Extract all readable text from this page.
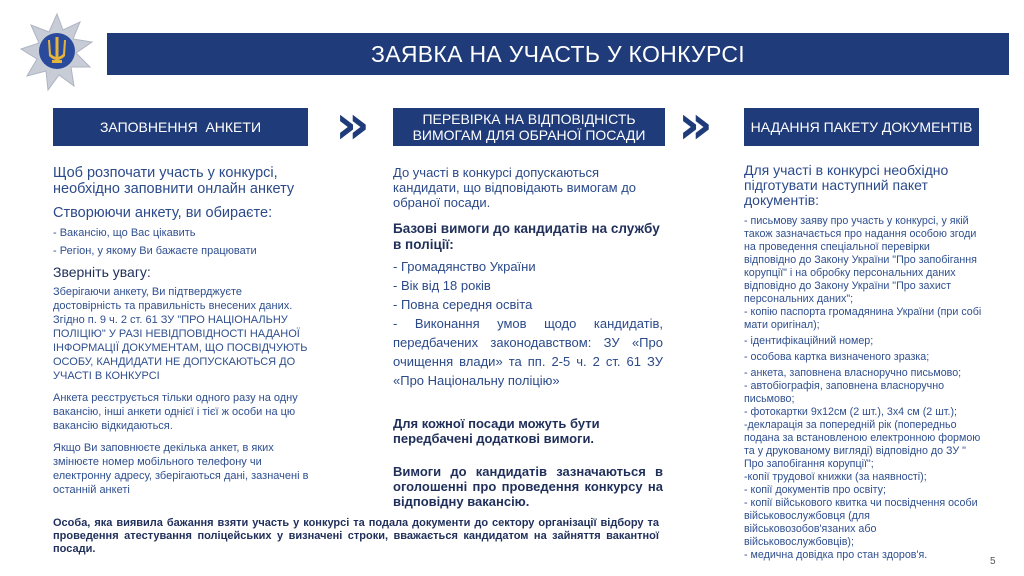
ЗАЯВКА НА УЧАСТЬ У КОНКУРСІ
ЗАПОВНЕННЯ  АНКЕТИ »	ПЕРЕВІРКА НА ВІДПОВІДНІСТЬ ВИМОГАМ ДЛЯ ОБРАНОЇ ПОСАДИ »	НАДАННЯ ПАКЕТУ ДОКУМЕНТІВ
Щоб розпочати участь у конкурсі, необхідно заповнити онлайн анкету
Створюючи анкету, ви обираєте:
- Вакансію, що Вас цікавить
- Регіон, у якому Ви бажаєте працювати
Зверніть увагу:
Зберігаючи анкету, Ви підтверджуєте достовірність та правильність внесених даних. Згідно п. 9 ч. 2 ст. 61 ЗУ "ПРО НАЦІОНАЛЬНУ ПОЛІЦІЮ" У РАЗІ НЕВІДПОВІДНОСТІ НАДАНОЇ ІНФОРМАЦІЇ ДОКУМЕНТАМ, ЩО ПОСВІДЧУЮТЬ ОСОБУ, КАНДИДАТИ НЕ ДОПУСКАЮТЬСЯ ДО УЧАСТІ В КОНКУРСІ
Анкета реєструється тільки одного разу на одну вакансію, інші анкети однієї і тієї ж особи на цю вакансію відкидаються.
Якщо Ви заповнюєте декілька анкет, в яких змінюєте номер мобільного телефону чи електронну адресу, зберігаються дані, зазначені в останній анкеті
До участі в конкурсі допускаються кандидати, що відповідають вимогам до обраної посади.
Базові вимоги до кандидатів на службу в поліції:
- Громадянство України
- Вік від 18 років
- Повна середня освіта
- Виконання умов щодо кандидатів, передбачених законодавством: ЗУ «Про очищення влади» та пп. 2-5 ч. 2 ст. 61 ЗУ «Про Національну поліцію»
Для кожної посади можуть бути передбачені додаткові вимоги.
Вимоги до кандидатів зазначаються в оголошенні про проведення конкурсу на відповідну вакансію.
Для участі в конкурсі необхідно підготувати наступний пакет документів:
- письмову заяву про участь у конкурсі, у якій також зазначається про надання особою згоди на проведення спеціальної перевірки відповідно до Закону України "Про запобігання корупції" і на обробку персональних даних відповідно до Закону України "Про захист персональних даних";
- копію паспорта громадянина України (при собі мати оригінал);
- ідентифікаційний номер;
- особова картка визначеного зразка;
- анкета, заповнена власноручно письмово;
- автобіографія, заповнена власноручно письмово;
- фотокартки 9х12см (2 шт.), 3х4 см (2 шт.);
-декларація за попередній рік (попередньо подана за встановленою електронною формою та у друкованому вигляді) відповідно до ЗУ " Про запобігання корупції";
-копії трудової книжки (за наявності);
- копії документів про освіту;
- копії військового квитка чи посвідчення особи військовослужбовця (для військовозобов'язаних або військовослужбовців);
- медична довідка про стан здоров'я.
Особа, яка виявила бажання взяти участь у конкурсі та подала документи до сектору організації відбору та проведення атестування поліцейських у визначені строки, вважається кандидатом на зайняття вакантної посади.
5
